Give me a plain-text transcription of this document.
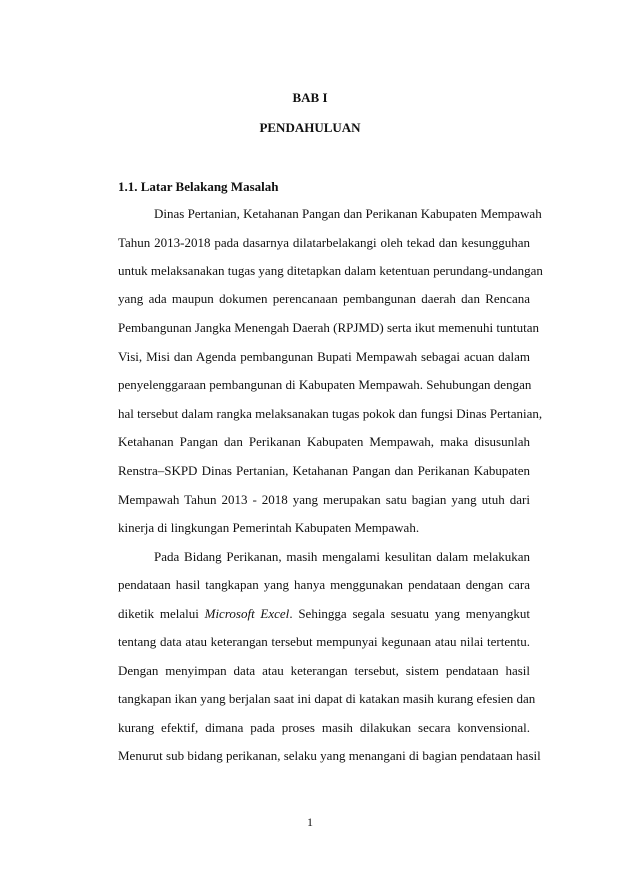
BAB I
PENDAHULUAN
1.1. Latar Belakang Masalah
Dinas Pertanian, Ketahanan Pangan dan Perikanan Kabupaten Mempawah
Tahun 2013-2018 pada dasarnya dilatarbelakangi oleh tekad dan kesungguhan
untuk melaksanakan tugas yang ditetapkan dalam ketentuan perundang-undangan
yang ada maupun dokumen perencanaan pembangunan daerah dan Rencana
Pembangunan Jangka Menengah Daerah (RPJMD) serta ikut memenuhi tuntutan
Visi, Misi dan Agenda pembangunan Bupati Mempawah sebagai acuan dalam
penyelenggaraan pembangunan di Kabupaten Mempawah. Sehubungan dengan
hal tersebut dalam rangka melaksanakan tugas pokok dan fungsi Dinas Pertanian,
Ketahanan Pangan dan Perikanan Kabupaten Mempawah, maka disusunlah
Renstra–SKPD Dinas Pertanian, Ketahanan Pangan dan Perikanan Kabupaten
Mempawah Tahun 2013 - 2018 yang merupakan satu bagian yang utuh dari
kinerja di lingkungan Pemerintah Kabupaten Mempawah.
Pada Bidang Perikanan, masih mengalami kesulitan dalam melakukan
pendataan hasil tangkapan yang hanya menggunakan pendataan dengan cara
diketik melalui Microsoft Excel. Sehingga segala sesuatu yang menyangkut
tentang data atau keterangan tersebut mempunyai kegunaan atau nilai tertentu.
Dengan menyimpan data atau keterangan tersebut, sistem pendataan hasil
tangkapan ikan yang berjalan saat ini dapat di katakan masih kurang efesien dan
kurang efektif, dimana pada proses masih dilakukan secara konvensional.
Menurut sub bidang perikanan, selaku yang menangani di bagian pendataan hasil
1
